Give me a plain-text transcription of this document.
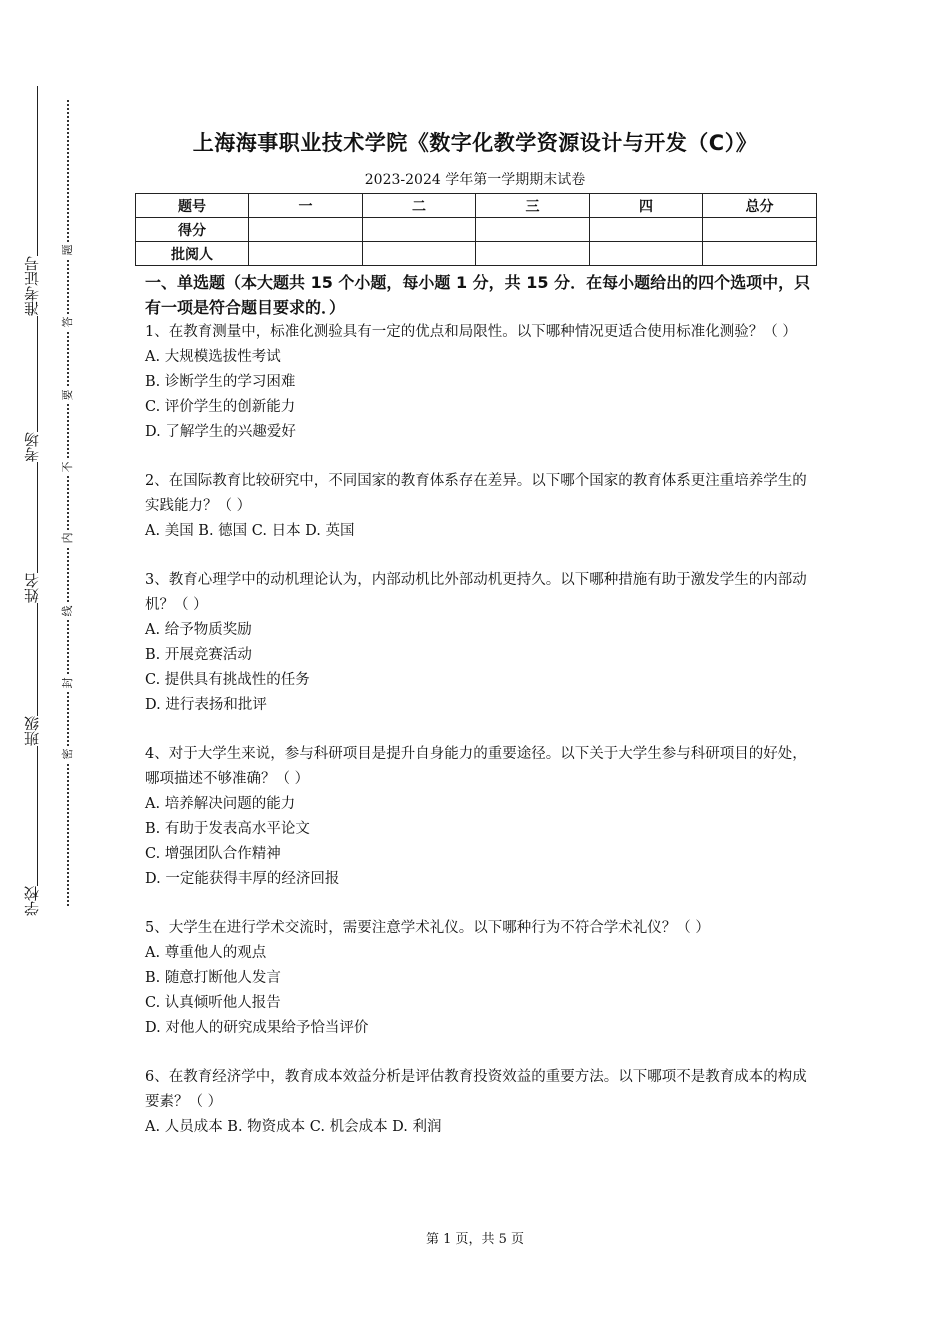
准考证号
考场
姓名
班级
学校
题
答
要
不
内
线
封
密
上海海事职业技术学院《数字化教学资源设计与开发（C）》
2023-2024 学年第一学期期末试卷
题号	一	二	三	四	总分
得分					
批阅人					
一、单选题（本大题共 15 个小题，每小题 1 分，共 15 分．在每小题给出的四个选项中，只有一项是符合题目要求的．）

1、在教育测量中，标准化测验具有一定的优点和局限性。以下哪种情况更适合使用标准化测验？（ ）

A. 大规模选拔性考试

B. 诊断学生的学习困难

C. 评价学生的创新能力

D. 了解学生的兴趣爱好

2、在国际教育比较研究中，不同国家的教育体系存在差异。以下哪个国家的教育体系更注重培养学生的实践能力？（ ）

A. 美国 B. 德国 C. 日本 D. 英国

3、教育心理学中的动机理论认为，内部动机比外部动机更持久。以下哪种措施有助于激发学生的内部动机？（ ）

A. 给予物质奖励

B. 开展竞赛活动

C. 提供具有挑战性的任务

D. 进行表扬和批评

4、对于大学生来说，参与科研项目是提升自身能力的重要途径。以下关于大学生参与科研项目的好处，哪项描述不够准确？（ ）

A. 培养解决问题的能力

B. 有助于发表高水平论文

C. 增强团队合作精神

D. 一定能获得丰厚的经济回报

5、大学生在进行学术交流时，需要注意学术礼仪。以下哪种行为不符合学术礼仪？（ ）

A. 尊重他人的观点

B. 随意打断他人发言

C. 认真倾听他人报告

D. 对他人的研究成果给予恰当评价

6、在教育经济学中，教育成本效益分析是评估教育投资效益的重要方法。以下哪项不是教育成本的构成要素？（ ）

A. 人员成本 B. 物资成本 C. 机会成本 D. 利润

第 1 页，共 5 页
